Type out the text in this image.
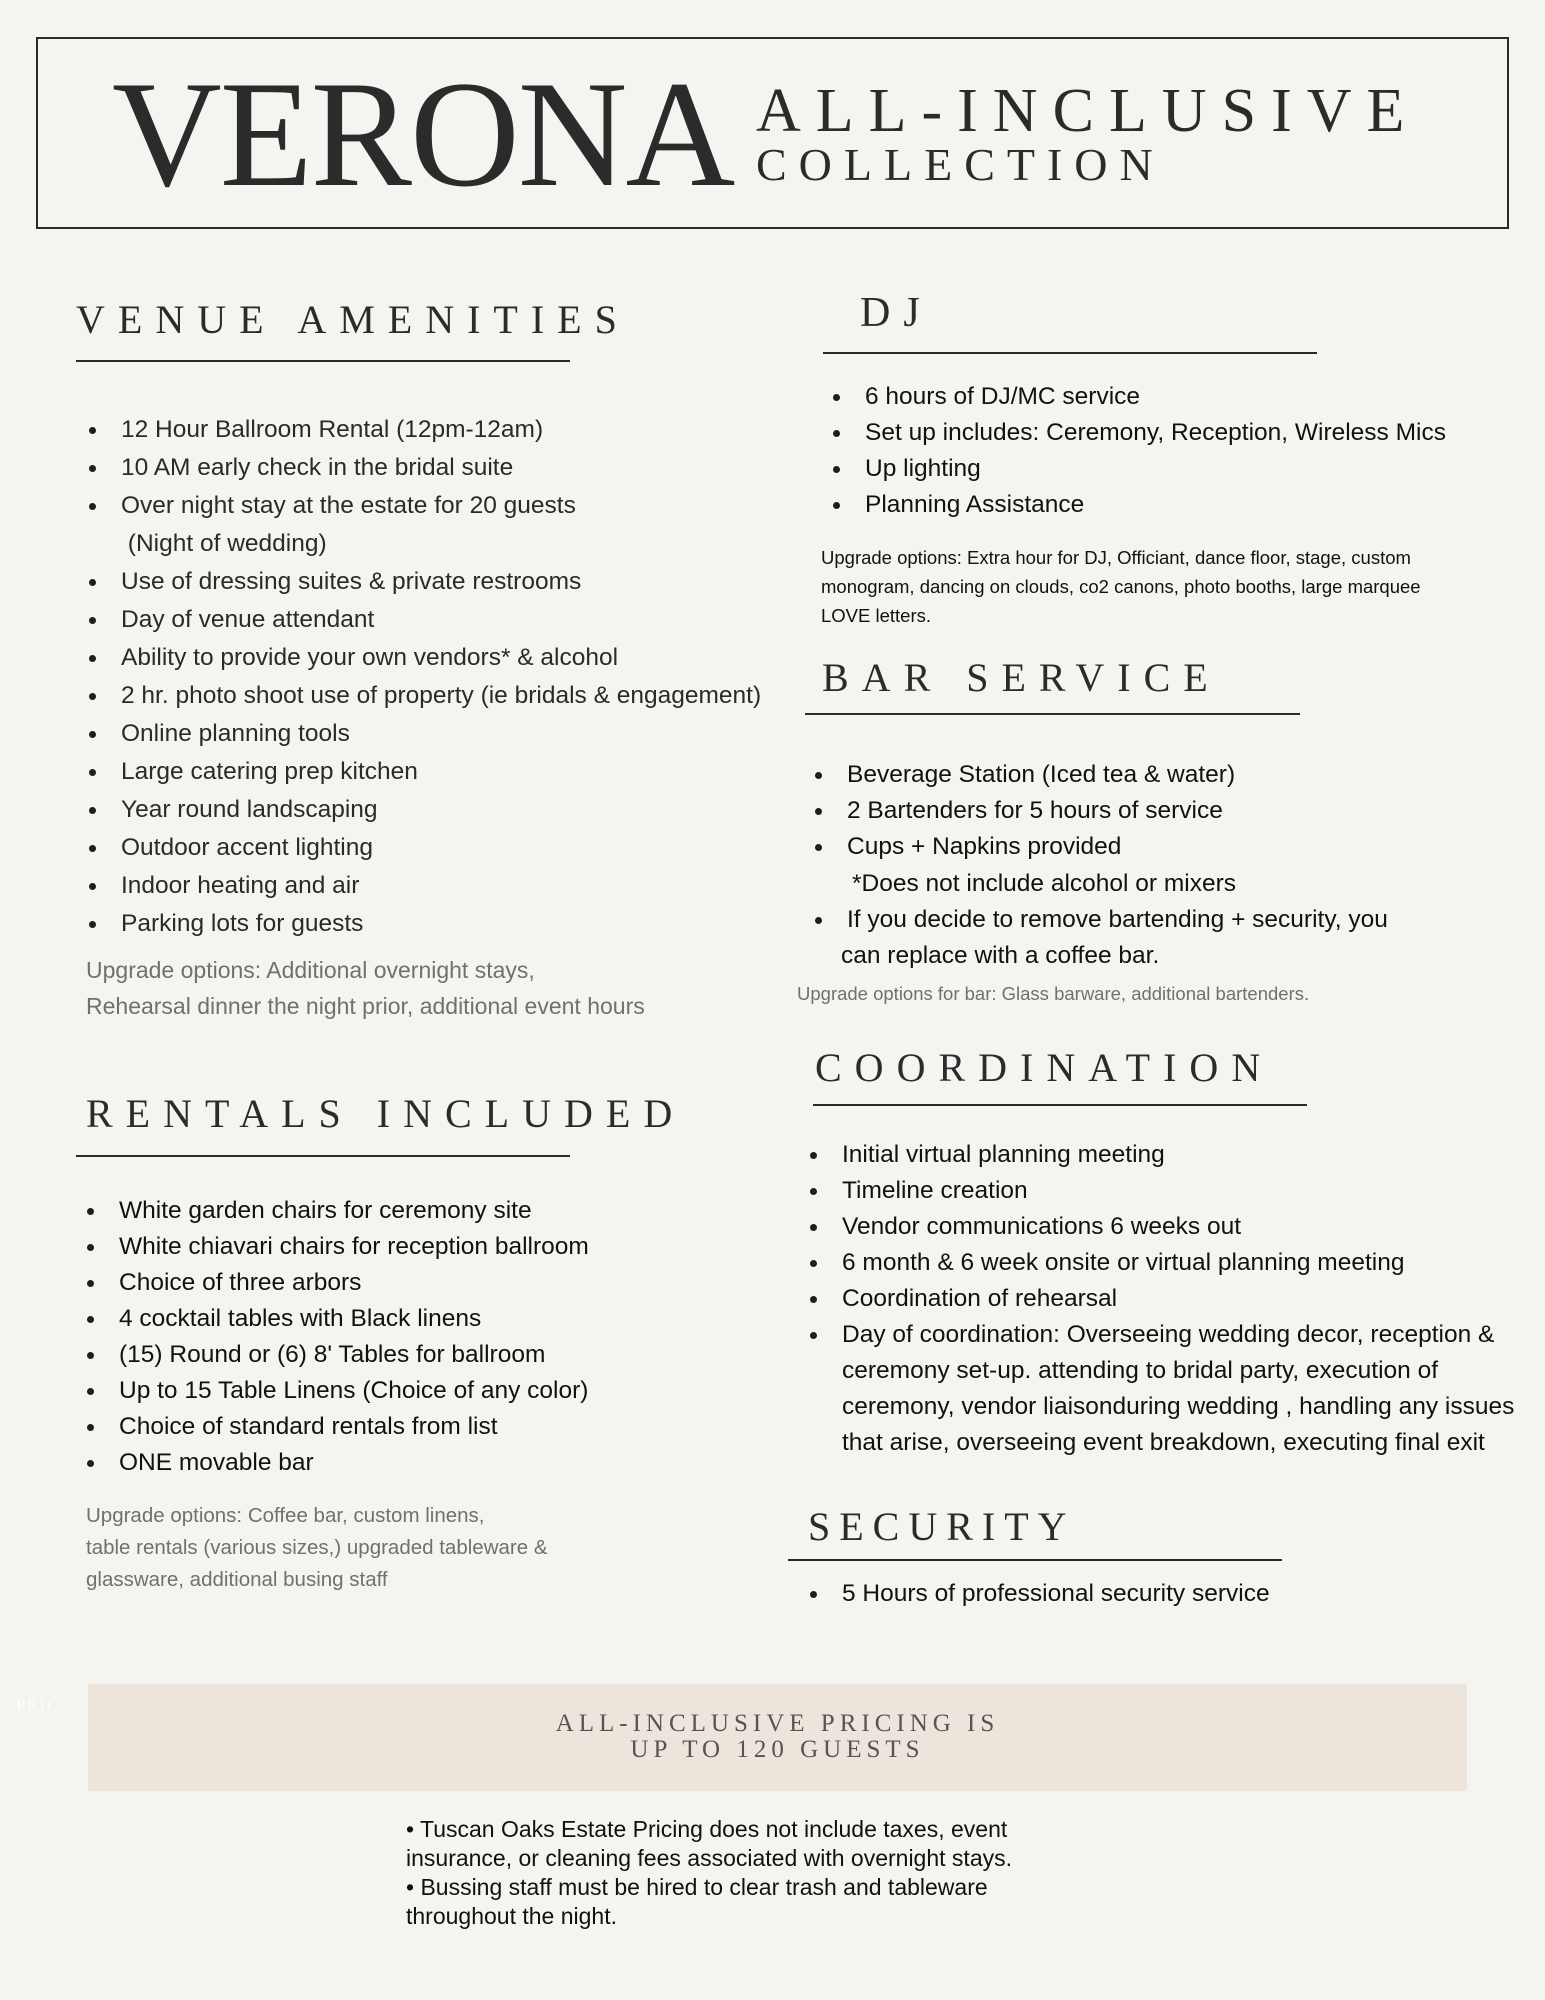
VERONA ALL-INCLUSIVE
COLLECTION
VENUE AMENITIES
12 Hour Ballroom Rental (12pm-12am)
10 AM early check in the bridal suite
Over night stay at the estate for 20 guests
(Night of wedding)
Use of dressing suites & private restrooms
Day of venue attendant
Ability to provide your own vendors* & alcohol
2 hr. photo shoot use of property (ie bridals & engagement)
Online planning tools
Large catering prep kitchen
Year round landscaping
Outdoor accent lighting
Indoor heating and air
Parking lots for guests
Upgrade options: Additional overnight stays,
Rehearsal dinner the night prior, additional event hours
RENTALS INCLUDED
White garden chairs for ceremony site
White chiavari chairs for reception ballroom
Choice of three arbors
4 cocktail tables with Black linens
(15) Round or (6) 8' Tables for ballroom
Up to 15 Table Linens (Choice of any color)
Choice of standard rentals from list
ONE movable bar
Upgrade options: Coffee bar, custom linens,
table rentals (various sizes,) upgraded tableware &
glassware, additional busing staff
DJ
6 hours of DJ/MC service
Set up includes: Ceremony, Reception, Wireless Mics
Up lighting
Planning Assistance
Upgrade options: Extra hour for DJ, Officiant, dance floor, stage, custom
monogram, dancing on clouds, co2 canons, photo booths, large marquee
LOVE letters.
BAR SERVICE
Beverage Station (Iced tea & water)
2 Bartenders for 5 hours of service
Cups + Napkins provided
*Does not include alcohol or mixers
If you decide to remove bartending + security, you
can replace with a coffee bar.
Upgrade options for bar: Glass barware, additional bartenders.
COORDINATION
Initial virtual planning meeting
Timeline creation
Vendor communications 6 weeks out
6 month & 6 week onsite or virtual planning meeting
Coordination of rehearsal
Day of coordination: Overseeing wedding decor, reception &
ceremony set-up. attending to bridal party, execution of
ceremony, vendor liaisonduring wedding , handling any issues
that arise, overseeing event breakdown, executing final exit
SECURITY
5 Hours of professional security service
PRIC
ALL-INCLUSIVE PRICING IS
UP TO 120 GUESTS
• Tuscan Oaks Estate Pricing does not include taxes, event
insurance, or cleaning fees associated with overnight stays.
• Bussing staff must be hired to clear trash and tableware
throughout the night.
